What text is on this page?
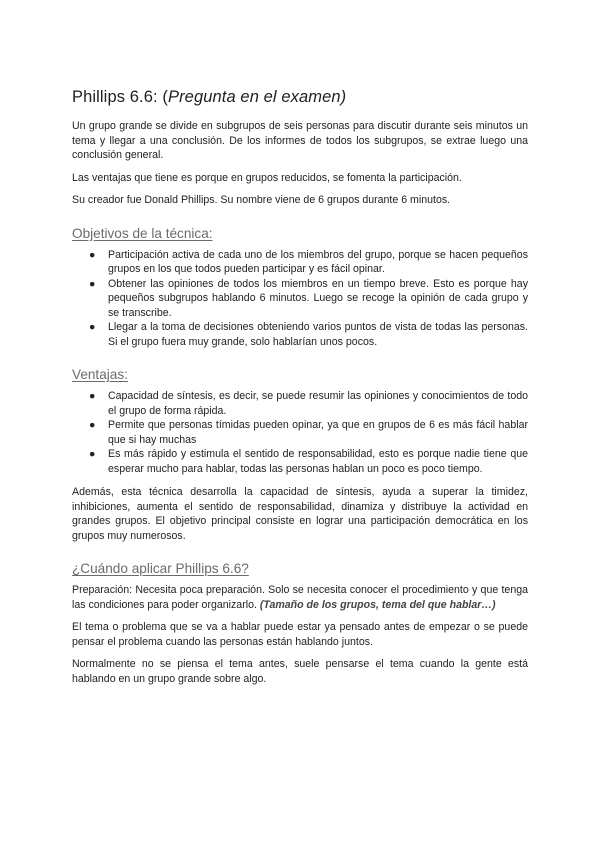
Phillips 6.6: (Pregunta en el examen)

Un grupo grande se divide en subgrupos de seis personas para discutir durante seis minutos un tema y llegar a una conclusión. De los informes de todos los subgrupos, se extrae luego una conclusión general.

Las ventajas que tiene es porque en grupos reducidos, se fomenta la participación.

Su creador fue Donald Phillips. Su nombre viene de 6 grupos durante 6 minutos.

Objetivos de la técnica:
● Participación activa de cada uno de los miembros del grupo, porque se hacen pequeños grupos en los que todos pueden participar y es fácil opinar.
● Obtener las opiniones de todos los miembros en un tiempo breve. Esto es porque hay pequeños subgrupos hablando 6 minutos. Luego se recoge la opinión de cada grupo y se transcribe.
● Llegar a la toma de decisiones obteniendo varios puntos de vista de todas las personas. Si el grupo fuera muy grande, solo hablarían unos pocos.
Ventajas:
● Capacidad de síntesis, es decir, se puede resumir las opiniones y conocimientos de todo el grupo de forma rápida.
● Permite que personas tímidas pueden opinar, ya que en grupos de 6 es más fácil hablar que si hay muchas
● Es más rápido y estimula el sentido de responsabilidad, esto es porque nadie tiene que esperar mucho para hablar, todas las personas hablan un poco es poco tiempo.

Además, esta técnica desarrolla la capacidad de síntesis, ayuda a superar la timidez, inhibiciones, aumenta el sentido de responsabilidad, dinamiza y distribuye la actividad en grandes grupos. El objetivo principal consiste en lograr una participación democrática en los grupos muy numerosos.

¿Cuándo aplicar Phillips 6.6?

Preparación: Necesita poca preparación. Solo se necesita conocer el procedimiento y que tenga las condiciones para poder organizarlo. (Tamaño de los grupos, tema del que hablar…)

El tema o problema que se va a hablar puede estar ya pensado antes de empezar o se puede pensar el problema cuando las personas están hablando juntos.

Normalmente no se piensa el tema antes, suele pensarse el tema cuando la gente está hablando en un grupo grande sobre algo.
